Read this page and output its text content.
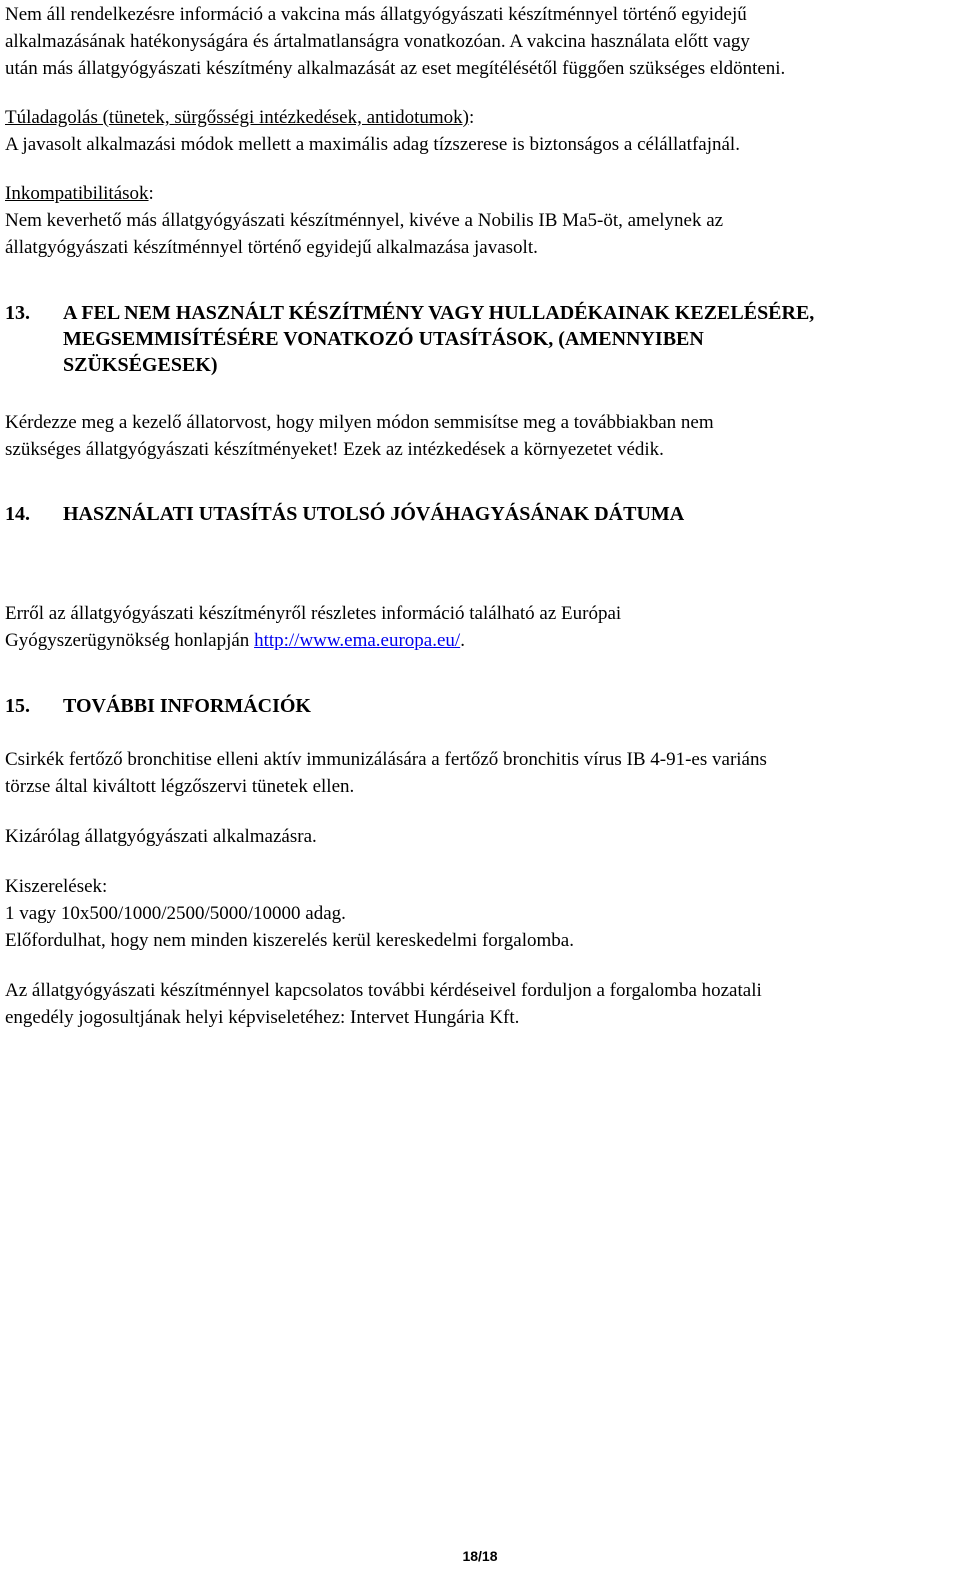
Nem áll rendelkezésre információ a vakcina más állatgyógyászati készítménnyel történő egyidejű

alkalmazásának hatékonyságára és ártalmatlanságra vonatkozóan. A vakcina használata előtt vagy

után más állatgyógyászati készítmény alkalmazását az eset megítélésétől függően szükséges eldönteni.

Túladagolás (tünetek, sürgősségi intézkedések, antidotumok):

A javasolt alkalmazási módok mellett a maximális adag tízszerese is biztonságos a célállatfajnál.

Inkompatibilitások:

Nem keverhető más állatgyógyászati készítménnyel, kivéve a Nobilis IB Ma5-öt, amelynek az

állatgyógyászati készítménnyel történő egyidejű alkalmazása javasolt.

13.	A FEL NEM HASZNÁLT KÉSZÍTMÉNY VAGY HULLADÉKAINAK KEZELÉSÉRE,

MEGSEMMISÍTÉSÉRE VONATKOZÓ UTASÍTÁSOK, (AMENNYIBEN

SZÜKSÉGESEK)

Kérdezze meg a kezelő állatorvost, hogy milyen módon semmisítse meg a továbbiakban nem

szükséges állatgyógyászati készítményeket! Ezek az intézkedések a környezetet védik.

14.	HASZNÁLATI UTASÍTÁS UTOLSÓ JÓVÁHAGYÁSÁNAK DÁTUMA

Erről az állatgyógyászati készítményről részletes információ található az Európai

Gyógyszerügynökség honlapján http://www.ema.europa.eu/.

15.	TOVÁBBI INFORMÁCIÓK

Csirkék fertőző bronchitise elleni aktív immunizálására a fertőző bronchitis vírus IB 4-91-es variáns

törzse által kiváltott légzőszervi tünetek ellen.

Kizárólag állatgyógyászati alkalmazásra.

Kiszerelések:

1 vagy 10x500/1000/2500/5000/10000 adag.

Előfordulhat, hogy nem minden kiszerelés kerül kereskedelmi forgalomba.

Az állatgyógyászati készítménnyel kapcsolatos további kérdéseivel forduljon a forgalomba hozatali

engedély jogosultjának helyi képviseletéhez: Intervet Hungária Kft.

18/18
